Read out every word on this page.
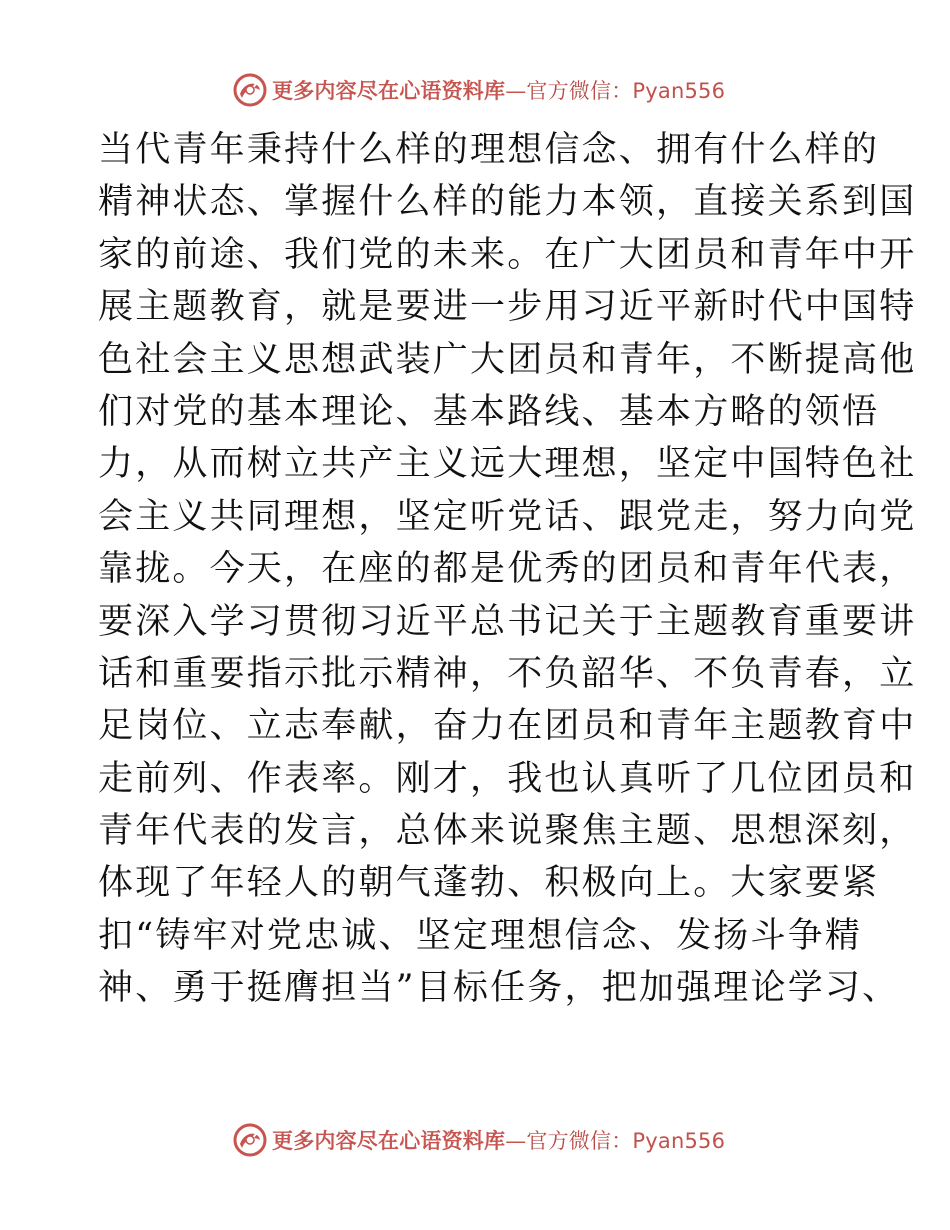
更多内容尽在心语资料库—官方微信：Pyan556
当代青年秉持什么样的理想信念、拥有什么样的
精神状态、掌握什么样的能力本领，直接关系到国
家的前途、我们党的未来。在广大团员和青年中开
展主题教育，就是要进一步用习近平新时代中国特
色社会主义思想武装广大团员和青年，不断提高他
们对党的基本理论、基本路线、基本方略的领悟
力，从而树立共产主义远大理想，坚定中国特色社
会主义共同理想，坚定听党话、跟党走，努力向党
靠拢。今天，在座的都是优秀的团员和青年代表，
要深入学习贯彻习近平总书记关于主题教育重要讲
话和重要指示批示精神，不负韶华、不负青春，立
足岗位、立志奉献，奋力在团员和青年主题教育中
走前列、作表率。刚才，我也认真听了几位团员和
青年代表的发言，总体来说聚焦主题、思想深刻，
体现了年轻人的朝气蓬勃、积极向上。大家要紧
扣“铸牢对党忠诚、坚定理想信念、发扬斗争精
神、勇于挺膺担当”目标任务，把加强理论学习、
更多内容尽在心语资料库—官方微信：Pyan556
